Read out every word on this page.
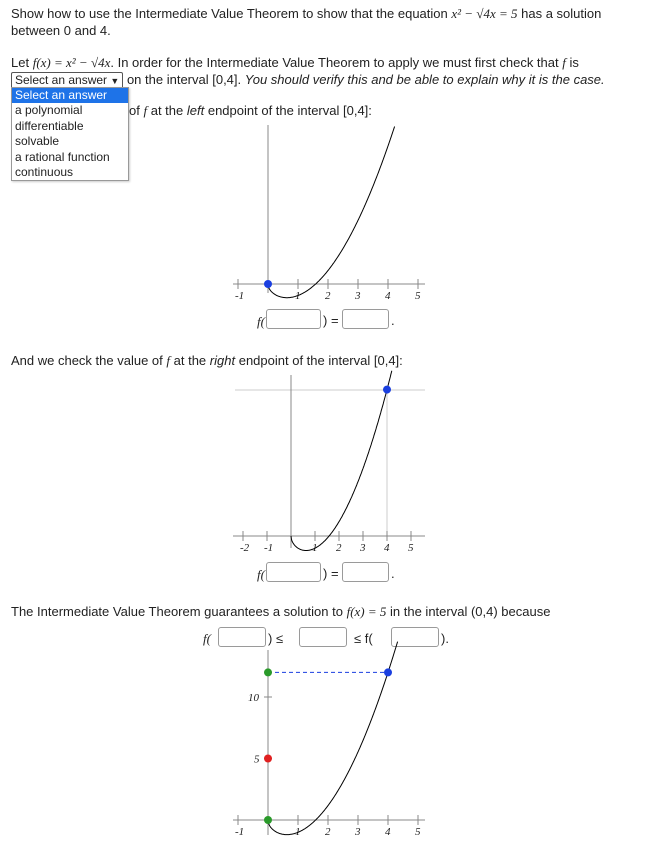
Show how to use the Intermediate Value Theorem to show that the equation x² − √4x = 5 has a solution
between 0 and 4.
Let f(x) = x² − √4x. In order for the Intermediate Value Theorem to apply we must first check that f is
Select an answer ▼ on the interval [0,4]. You should verify this and be able to explain why it is the case.
Select an answer
a polynomial
differentiable
solvable
a rational function
continuous
of f at the left endpoint of the interval [0,4]:
-1	1 2 3 4 5
f(	) =	.
And we check the value of f at the right endpoint of the interval [0,4]:
-2 -1	1 2 3 4 5
f(	) =	.
The Intermediate Value Theorem guarantees a solution to f(x) = 5 in the interval (0,4) because
f(	) ≤	≤ f(	).
-1	1 2 3 4 5
5
10
